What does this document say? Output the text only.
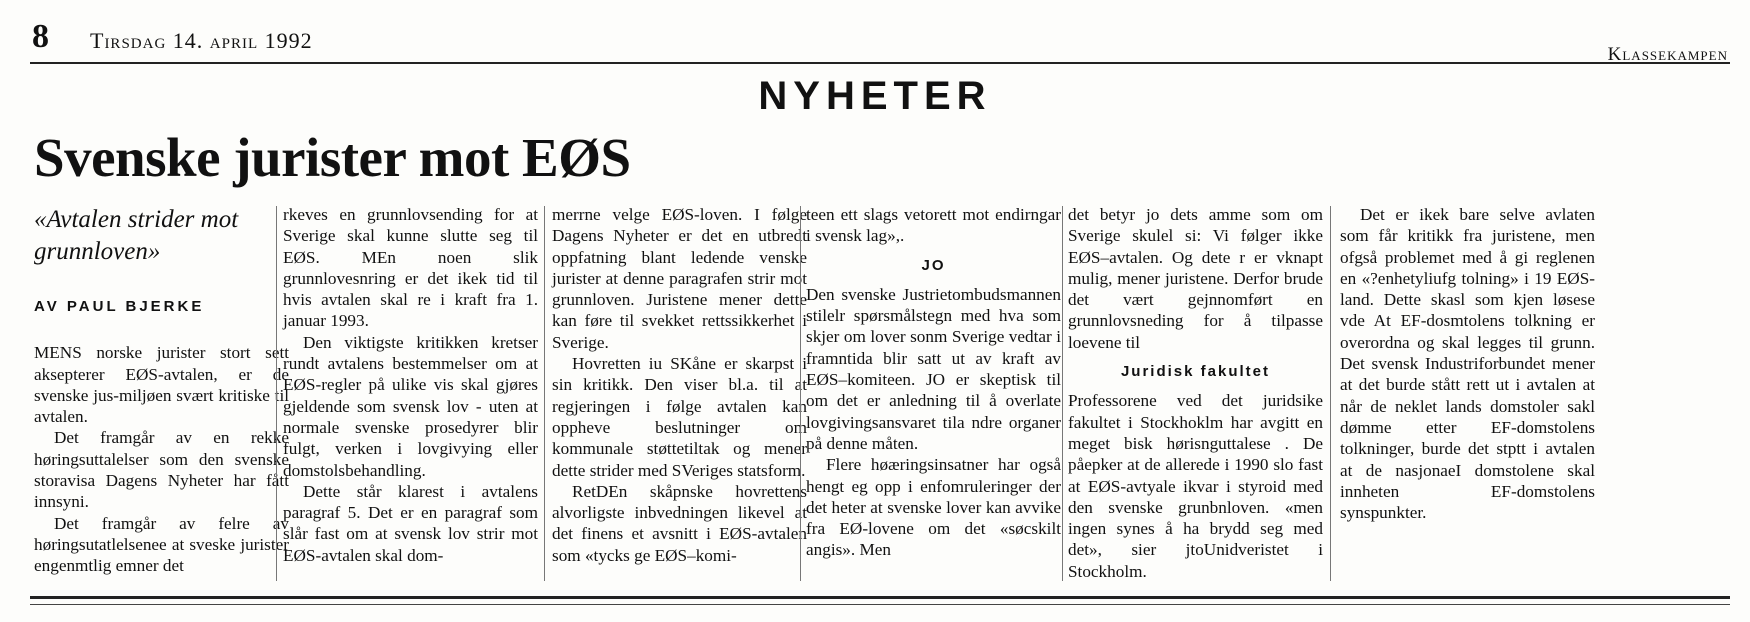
8 Tirsdag 14. april 1992
Klassekampen
NYHETER
Svenske jurister mot EØS
«Avtalen strider mot grunnloven»
AV PAUL BJERKE

MENS norske jurister stort sett aksepterer EØS-avtalen, er de svenske jus-miljøen svært kritiske til avtalen.

Det framgår av en rekke høringsuttalelser som den svenske storavisa Dagens Nyheter har fått innsyni.

Det framgår av felre av høringsutatlelsenee at sveske jurister engenmtlig emner det

rkeves en grunnlovsending for at Sverige skal kunne slutte seg til EØS. MEn noen slik grunnlovesnring er det ikek tid til hvis avtalen skal re i kraft fra 1. januar 1993.

Den viktigste kritikken kretser rundt avtalens bestemmelser om at EØS-regler på ulike vis skal gjøres gjeldende som svensk lov - uten at normale svenske prosedyrer blir fulgt, verken i lovgivying eller domstolsbehandling.

Dette står klarest i avtalens paragraf 5. Det er en paragraf som slår fast om at svensk lov strir mot EØS-avtalen skal dom-

merrne velge EØS-loven. I følge Dagens Nyheter er det en utbredt oppfatning blant ledende venske jurister at denne paragrafen strir mot grunnloven. Juristene mener dette kan føre til svekket rettssikkerhet i Sverige.

Hovretten iu SKåne er skarpst i sin kritikk. Den viser bl.a. til at regjeringen i følge avtalen kan oppheve beslutninger om kommunale støttetiltak og mener dette strider med SVeriges statsform.

RetDEn skåpnske hovrettens alvorligste inbvedningen likevel at det finens et avsnitt i EØS-avtalen som «tycks ge EØS–komi-

teen ett slags vetorett mot endirngar i svensk lag»,.

JO

Den svenske Justrietombudsmannen stilelr spørsmålstegn med hva som skjer om lover sonm Sverige vedtar i framntida blir satt ut av kraft av EØS–komiteen. JO er skeptisk til om det er anledning til å overlate lovgivingsansvaret tila ndre organer på denne måten.

Flere høæringsinsatner har også hengt eg opp i enfomruleringer der det heter at svenske lover kan avvike fra EØ-lovene om det «søcskilt angis». Men

det betyr jo dets amme som om Sverige skulel si: Vi følger ikke EØS–avtalen. Og dete r er vknapt mulig, mener juristene. Derfor brude det vært gejnnomført en grunnlovsneding for å tilpasse loevene til

Juridisk fakultet

Professorene ved det juridsike fakultet i Stockhoklm har avgitt en meget bisk hørisnguttalese . De påepker at de allerede i 1990 slo fast at EØS-avtyale ikvar i styroid med den svenske grunbnloven. «men ingen synes å ha brydd seg med det», sier jtoUnidveristet i Stockholm.

Det er ikek bare selve avlaten som får kritikk fra juristene, men ofgså problemet med å gi reglenen en «?enhetyliufg tolning» i 19 EØS-land. Dette skasl som kjen løsese vde At EF-dosmtolens tolkning er overordna og skal legges til grunn. Det svensk Industriforbundet mener at det burde stått rett ut i avtalen at når de neklet lands domstoler sakl dømme etter EF-domstolens tolkninger, burde det stptt i avtalen at de nasjonaeI domstolene skal innheten EF-domstolens synspunkter.
